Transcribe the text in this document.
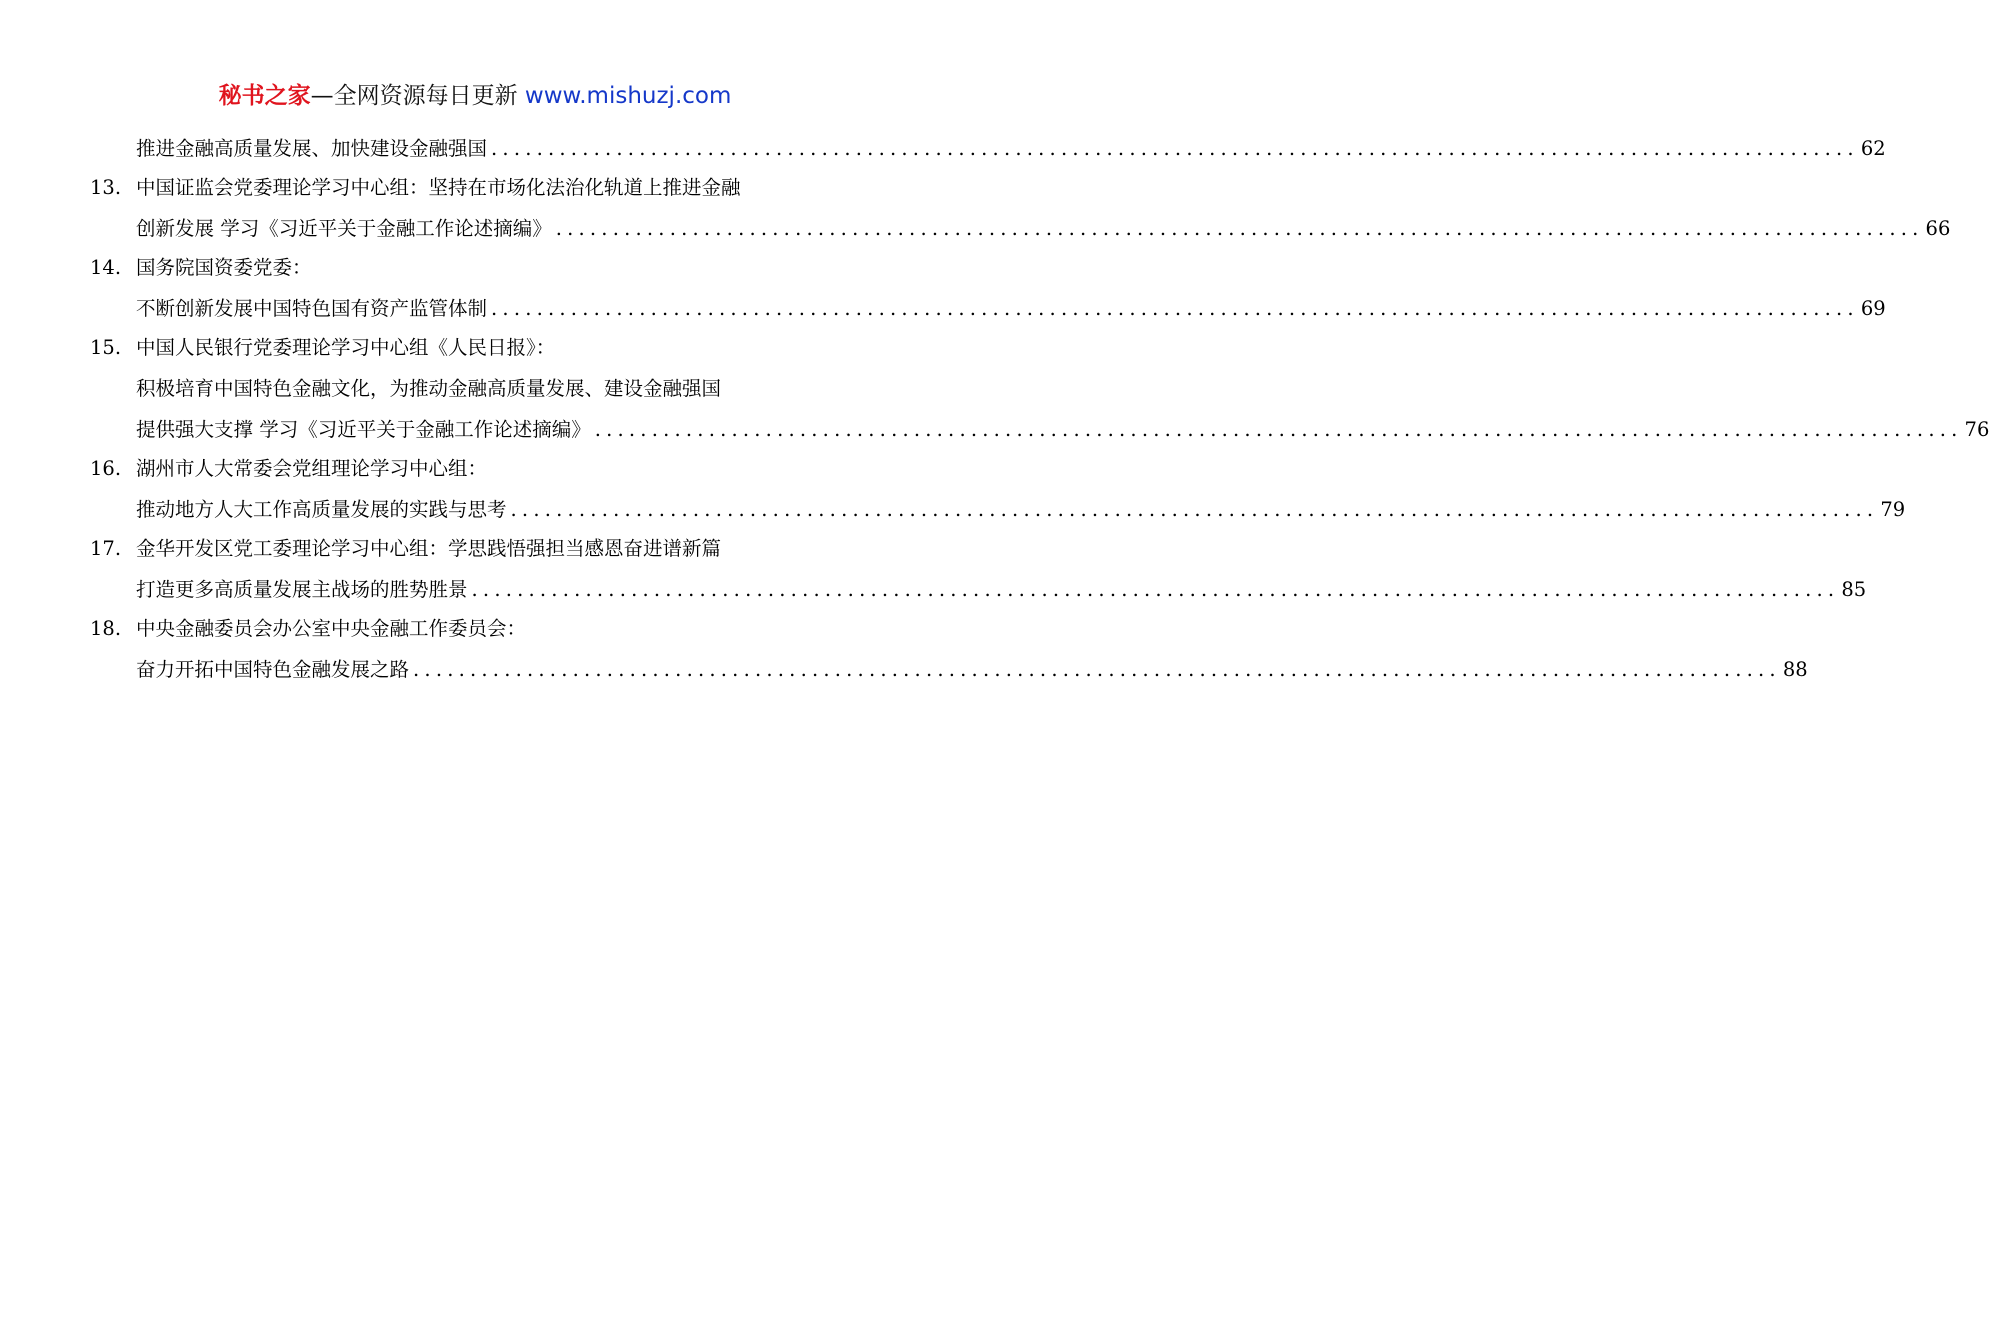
秘书之家—全网资源每日更新 www.mishuzj.com
推进金融高质量发展、加快建设金融强国 ........................................................................................................................ 62
13. 中国证监会党委理论学习中心组：坚持在市场化法治化轨道上推进金融
创新发展 学习《习近平关于金融工作论述摘编》 ........................................................................................................................ 66
14. 国务院国资委党委：
不断创新发展中国特色国有资产监管体制 ........................................................................................................................ 69
15. 中国人民银行党委理论学习中心组《人民日报》：
积极培育中国特色金融文化，为推动金融高质量发展、建设金融强国
提供强大支撑 学习《习近平关于金融工作论述摘编》 ........................................................................................................................ 76
16. 湖州市人大常委会党组理论学习中心组：
推动地方人大工作高质量发展的实践与思考 ........................................................................................................................ 79
17. 金华开发区党工委理论学习中心组：学思践悟强担当感恩奋进谱新篇
打造更多高质量发展主战场的胜势胜景 ........................................................................................................................ 85
18. 中央金融委员会办公室中央金融工作委员会：
奋力开拓中国特色金融发展之路 ........................................................................................................................ 88
